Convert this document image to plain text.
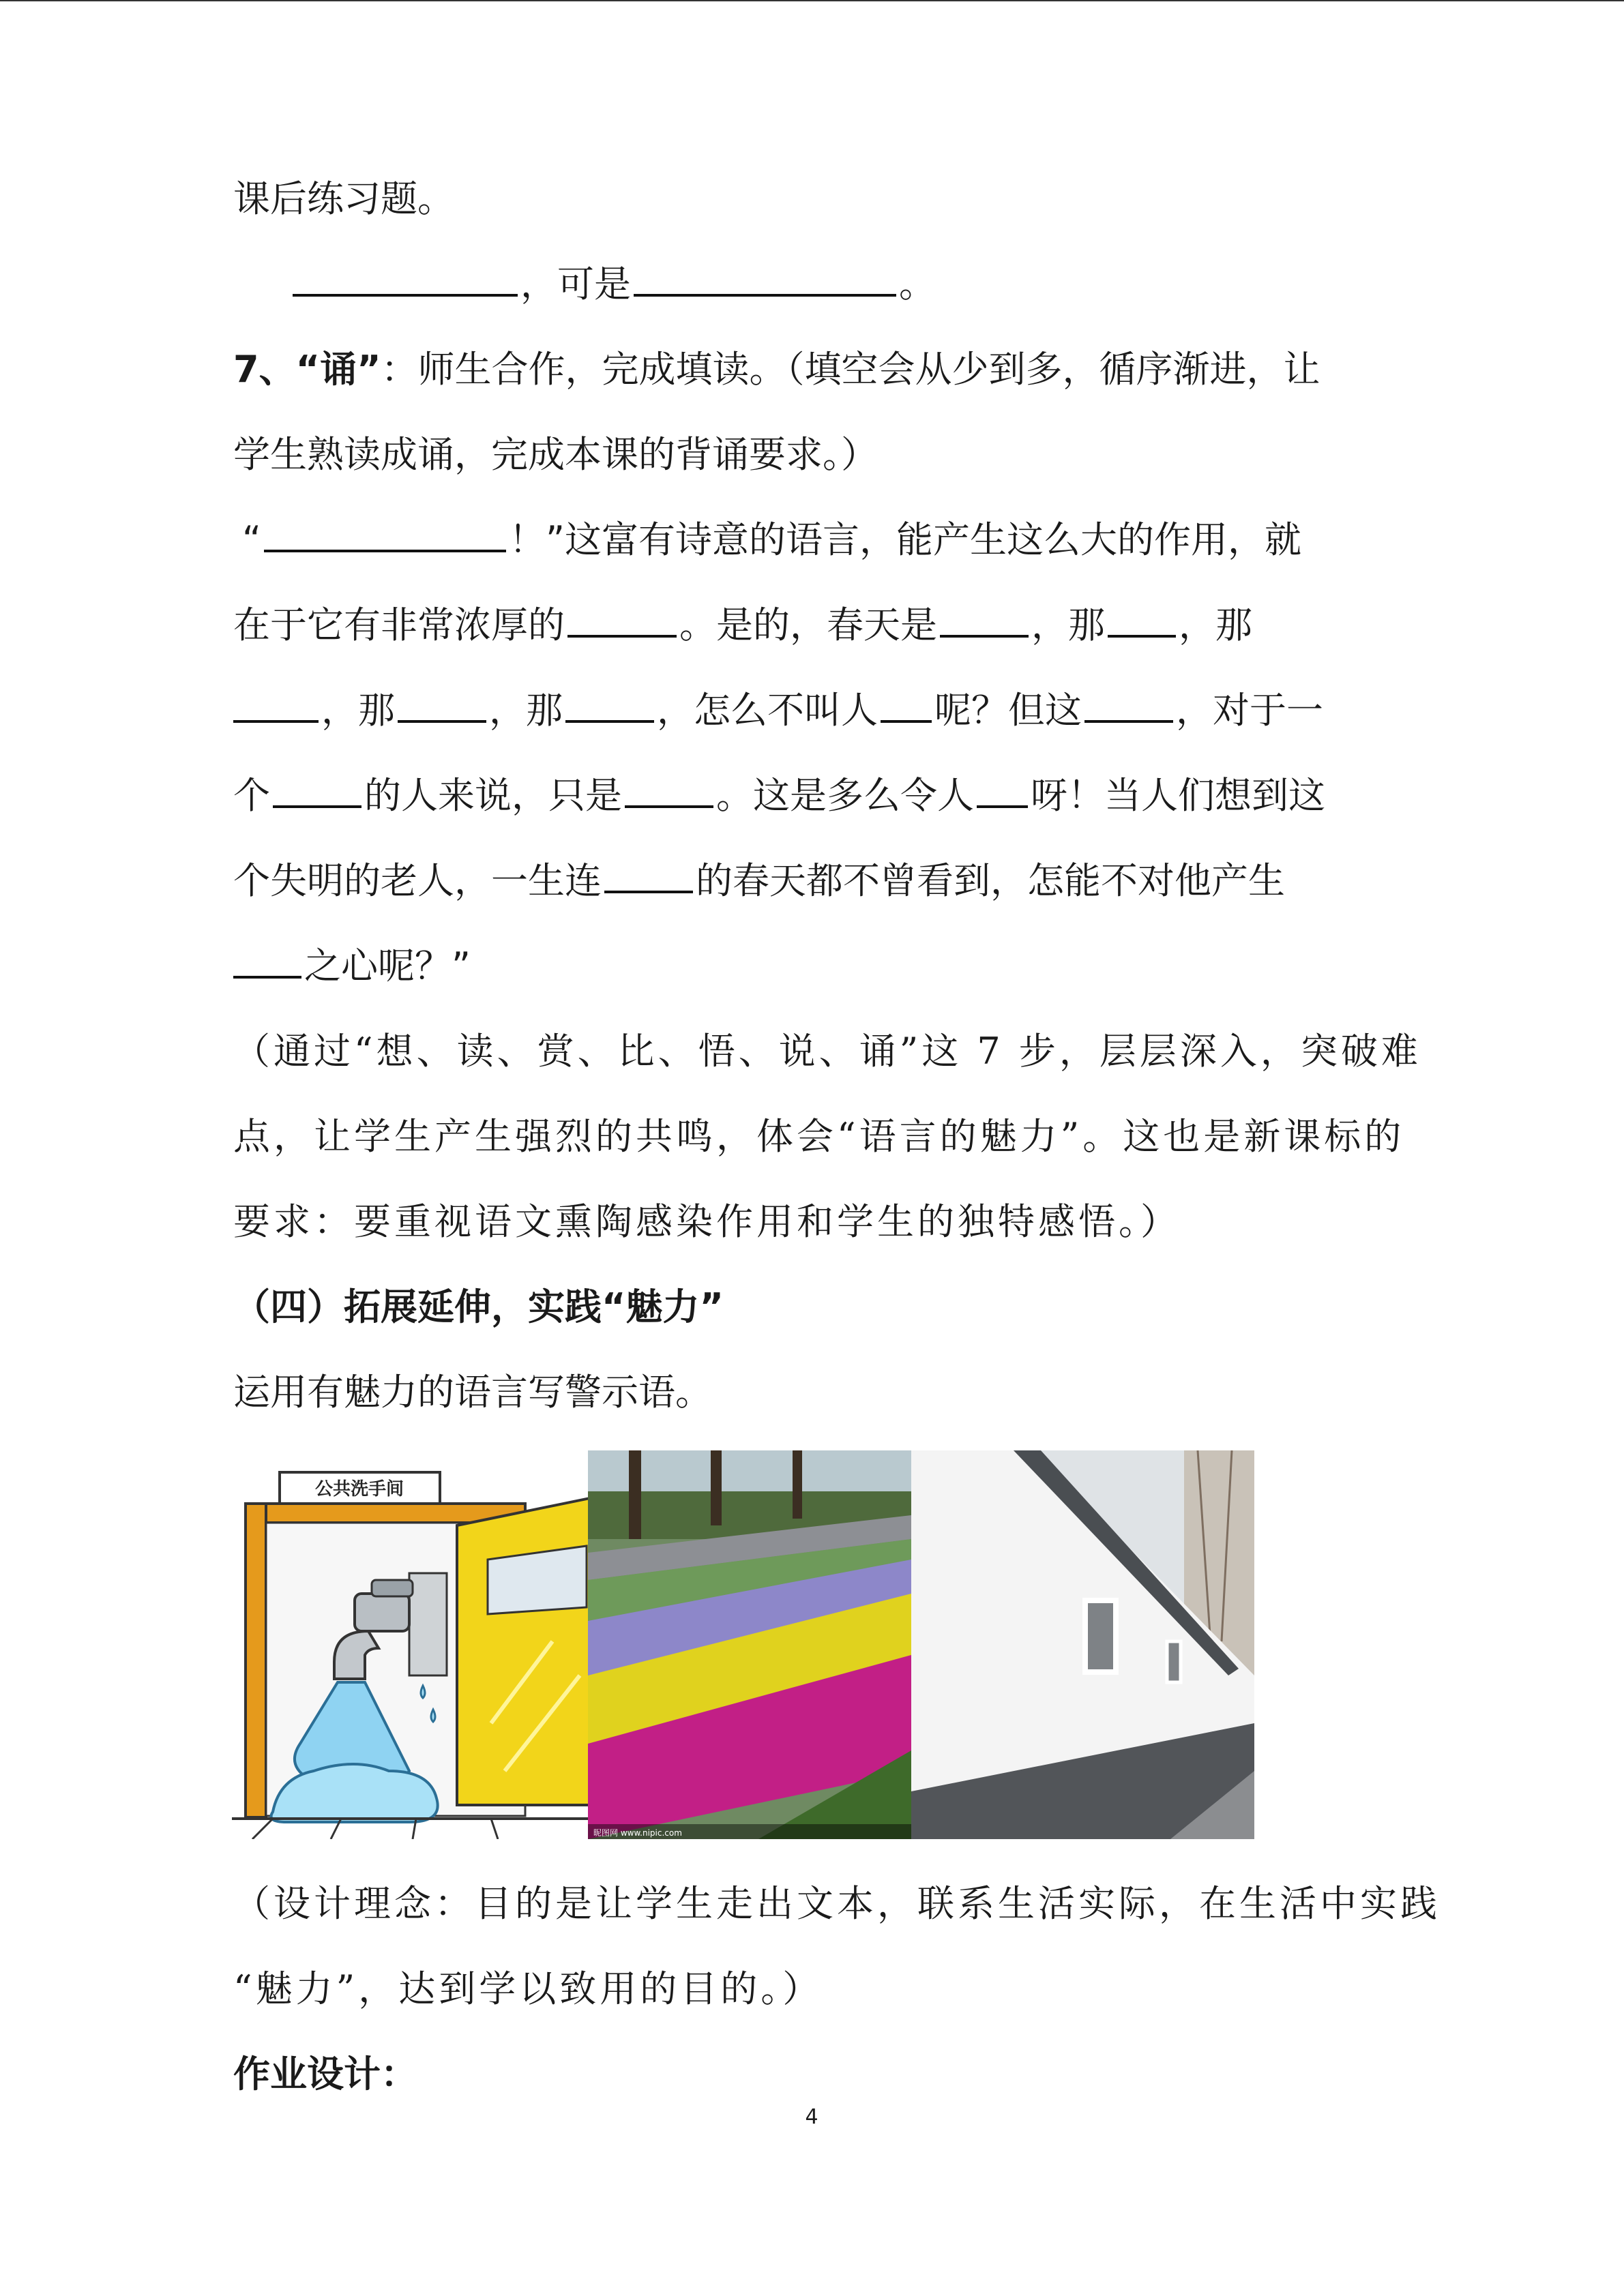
课后练习题。
，可是	。
7、“诵”：师生合作，完成填读。（填空会从少到多，循序渐进，让
学生熟读成诵，完成本课的背诵要求。）
“	！”这富有诗意的语言，能产生这么大的作用，就
在于它有非常浓厚的	。是的，春天是	，那 ，那
，那	，那	，怎么不叫人 呢？但这	，对于一
个	的人来说，只是	。这是多么令人 呀！当人们想到这
个失明的老人，一生连	的春天都不曾看到，怎能不对他产生
之心呢？”
（通过“想、读、赏、比、悟、说、诵”这 7 步，层层深入，突破难
点，让学生产生强烈的共鸣，体会“语言的魅力”。这也是新课标的
要求：要重视语文熏陶感染作用和学生的独特感悟。）
（四）拓展延伸，实践“魅力”
运用有魅力的语言写警示语。
公共洗手间
昵图网 www.nipic.com
（设计理念：目的是让学生走出文本，联系生活实际，在生活中实践
“魅力”，达到学以致用的目的。）
作业设计：
4
